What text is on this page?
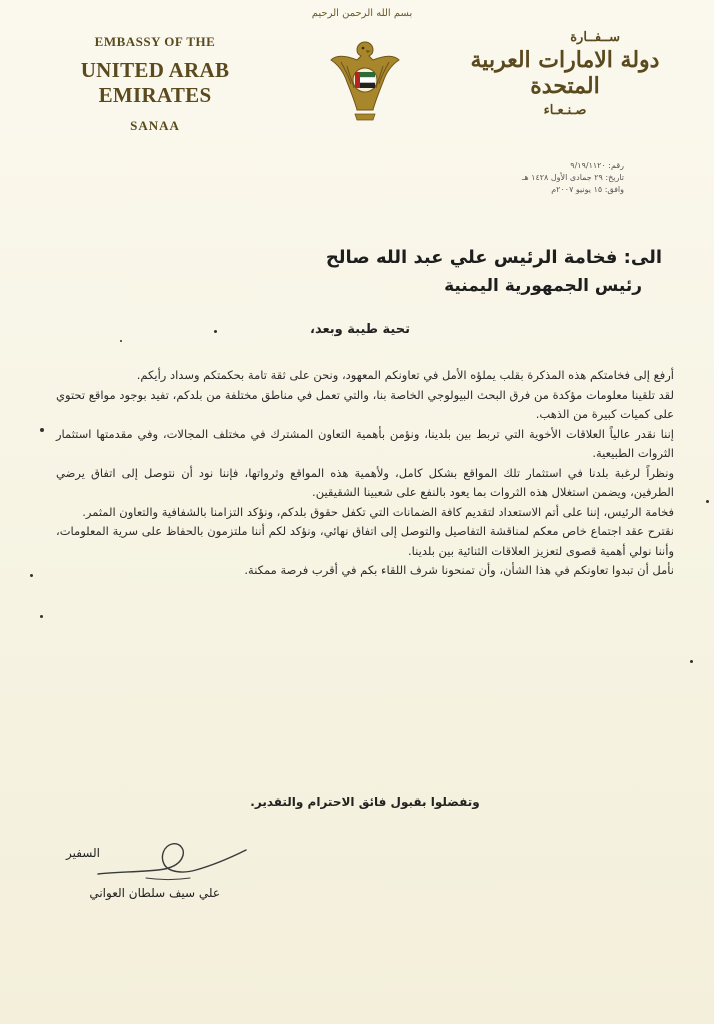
بسم الله الرحمن الرحيم
EMBASSY OF THE
UNITED ARAB EMIRATES
SANAA
ســفــارة
دولة الامارات العربية المتحدة
صـنـعـاء
رقم: ٩/١٩/١١٢٠
تاريخ: ٢٩ جمادى الأول ١٤٢٨ هـ
وافق: ١٥ يونيو ٢٠٠٧م
الى: فخامة الرئيس علي عبد الله صالح
رئيس الجمهورية اليمنية
تحية طيبة وبعد،

أرفع إلى فخامتكم هذه المذكرة بقلب يملؤه الأمل في تعاونكم المعهود، ونحن على ثقة تامة بحكمتكم وسداد رأيكم.

لقد تلقينا معلومات مؤكدة من فرق البحث البيولوجي الخاصة بنا، والتي تعمل في مناطق مختلفة من بلدكم، تفيد بوجود مواقع تحتوي على كميات كبيرة من الذهب.

إننا نقدر عالياً العلاقات الأخوية التي تربط بين بلدينا، ونؤمن بأهمية التعاون المشترك في مختلف المجالات، وفي مقدمتها استثمار الثروات الطبيعية.

ونظراً لرغبة بلدنا في استثمار تلك المواقع بشكل كامل، ولأهمية هذه المواقع وثرواتها، فإننا نود أن نتوصل إلى اتفاق يرضي الطرفين، ويضمن استغلال هذه الثروات بما يعود بالنفع على شعبينا الشقيقين.

فخامة الرئيس، إننا على أتم الاستعداد لتقديم كافة الضمانات التي تكفل حقوق بلدكم، ونؤكد التزامنا بالشفافية والتعاون المثمر.

نقترح عقد اجتماع خاص معكم لمناقشة التفاصيل والتوصل إلى اتفاق نهائي، ونؤكد لكم أننا ملتزمون بالحفاظ على سرية المعلومات، وأننا نولي أهمية قصوى لتعزيز العلاقات الثنائية بين بلدينا.

نأمل أن تبدوا تعاونكم في هذا الشأن، وأن تمنحونا شرف اللقاء بكم في أقرب فرصة ممكنة.

وتفضلوا بقبول فائق الاحترام والتقدير.
السفير
علي سيف سلطان العواني
